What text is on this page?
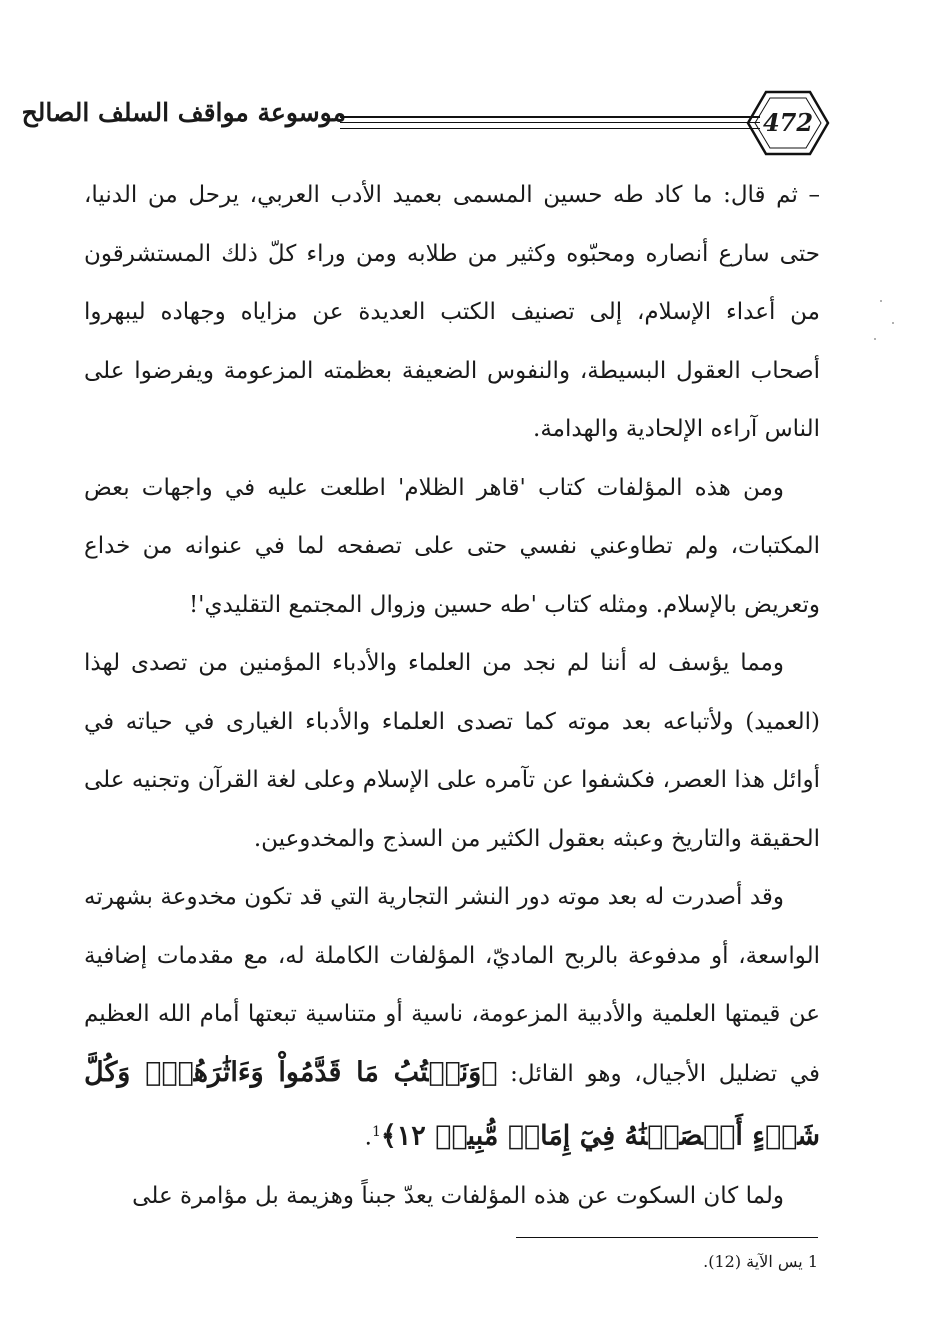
موسوعة مواقف السلف الصالح	472

– ثم قال: ما كاد طه حسين المسمى بعميد الأدب العربي، يرحل من الدنيا، حتى سارع أنصاره ومحبّوه وكثير من طلابه ومن وراء كلّ ذلك المستشرقون من أعداء الإسلام، إلى تصنيف الكتب العديدة عن مزاياه وجهاده ليبهروا أصحاب العقول البسيطة، والنفوس الضعيفة بعظمته المزعومة ويفرضوا على الناس آراءه الإلحادية والهدامة.

ومن هذه المؤلفات كتاب 'قاهر الظلام' اطلعت عليه في واجهات بعض المكتبات، ولم تطاوعني نفسي حتى على تصفحه لما في عنوانه من خداع وتعريض بالإسلام. ومثله كتاب 'طه حسين وزوال المجتمع التقليدي'!

ومما يؤسف له أننا لم نجد من العلماء والأدباء المؤمنين من تصدى لهذا (العميد) ولأتباعه بعد موته كما تصدى العلماء والأدباء الغيارى في حياته في أوائل هذا العصر، فكشفوا عن تآمره على الإسلام وعلى لغة القرآن وتجنيه على الحقيقة والتاريخ وعبثه بعقول الكثير من السذج والمخدوعين.

وقد أصدرت له بعد موته دور النشر التجارية التي قد تكون مخدوعة بشهرته الواسعة، أو مدفوعة بالربح الماديّ، المؤلفات الكاملة له، مع مقدمات إضافية عن قيمتها العلمية والأدبية المزعومة، ناسية أو متناسية تبعتها أمام الله العظيم في تضليل الأجيال، وهو القائل: ﴿وَنَكۡتُبُ مَا قَدَّمُواْ وَءَاثَٰرَهُمۡۚ وَكُلَّ شَيۡءٍ أَحۡصَيۡنَٰهُ فِيٓ إِمَامٖ مُّبِينٖ ١٢﴾$^1$.

ولما كان السكوت عن هذه المؤلفات يعدّ جبناً وهزيمة بل مؤامرة على

1 يس الآية (12).
